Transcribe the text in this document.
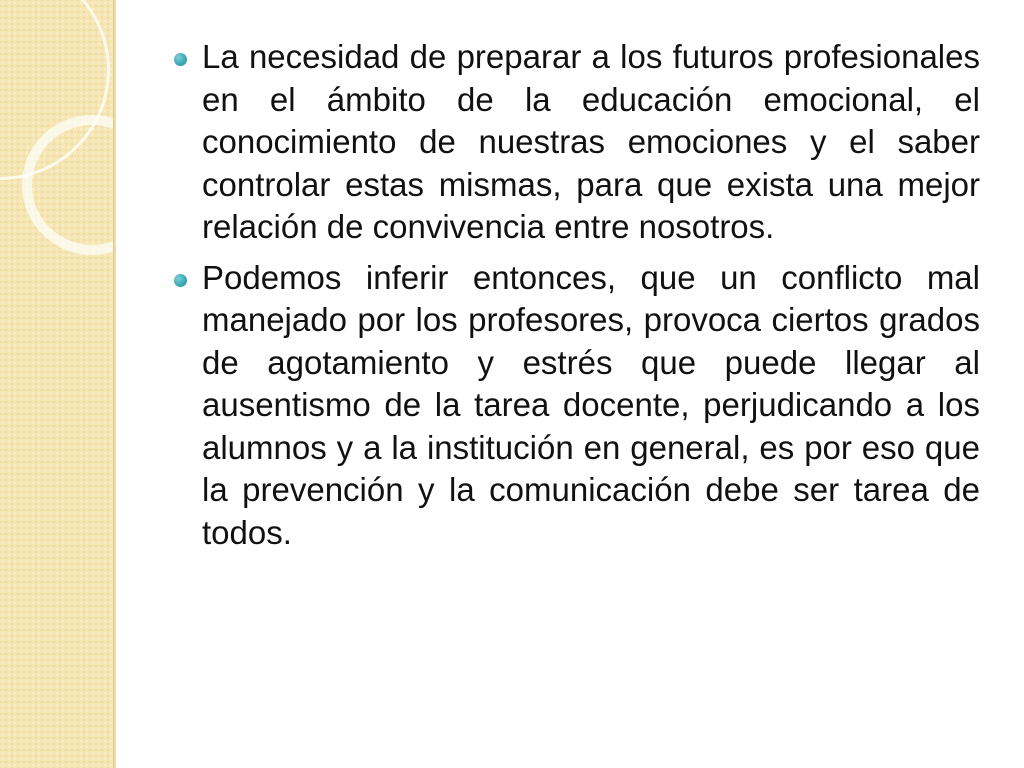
La necesidad de preparar a los futuros profesionales en el ámbito de la educación emocional, el conocimiento de nuestras emociones y el saber controlar estas mismas, para que exista una mejor relación de convivencia entre nosotros.
Podemos inferir entonces, que un conflicto mal manejado por los profesores, provoca ciertos grados de agotamiento y estrés que puede llegar al ausentismo de la tarea docente, perjudicando a los alumnos y a la institución en general, es por eso que la prevención y la comunicación debe ser tarea de todos.
